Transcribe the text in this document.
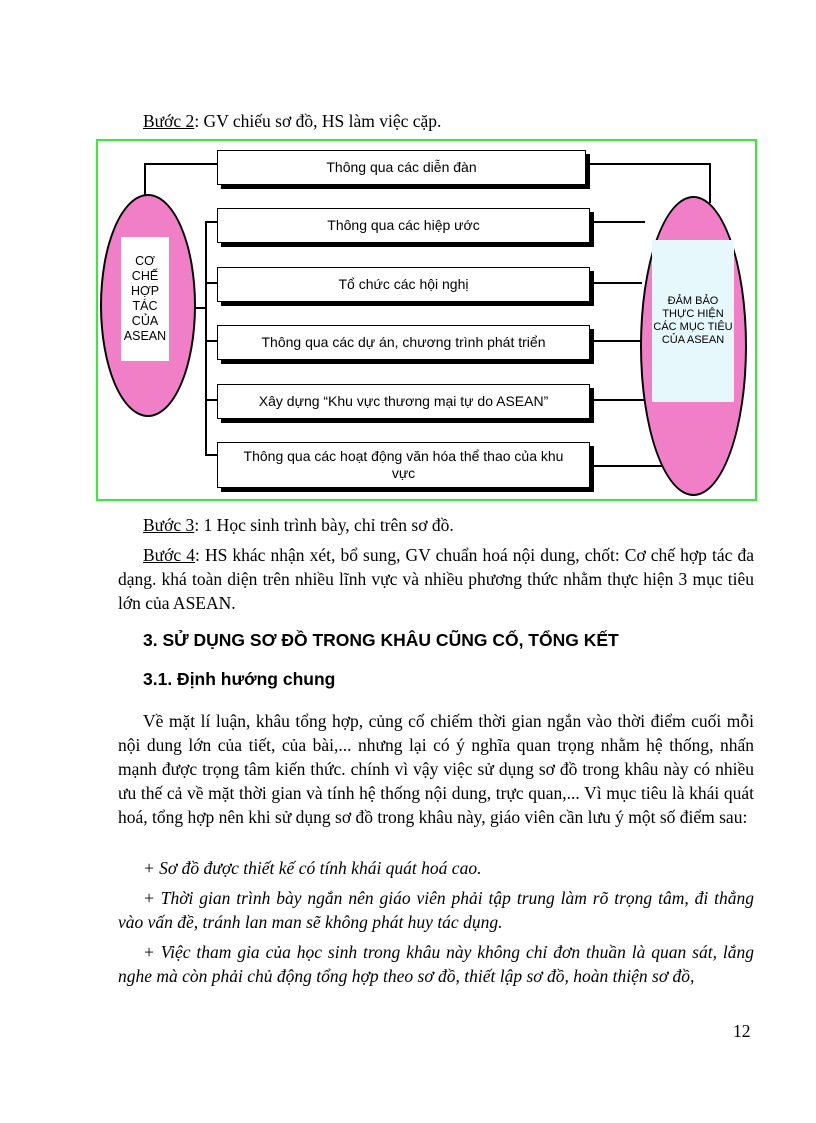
Bước 2: GV chiếu sơ đồ, HS làm việc cặp.
CƠ CHẾ HỢP TÁC CỦA ASEAN
ĐẢM BẢO THỰC HIỆN CÁC MỤC TIÊU CỦA ASEAN
Thông qua các diễn đàn
Thông qua các hiệp ước
Tổ chức các hội nghị
Thông qua các dự án, chương trình phát triển
Xây dựng “Khu vực thương mại tự do ASEAN”
Thông qua các hoạt động văn hóa thể thao của khu vực
Bước 3: 1 Học sinh trình bày, chỉ trên sơ đồ.
Bước 4: HS khác nhận xét, bổ sung, GV chuẩn hoá nội dung, chốt: Cơ chế hợp tác đa dạng. khá toàn diện trên nhiều lĩnh vực và nhiều phương thức nhằm thực hiện 3 mục tiêu lớn của ASEAN.
3. SỬ DỤNG SƠ ĐỒ TRONG KHÂU CŨNG CỐ, TỔNG KẾT
3.1. Định hướng chung
Về mặt lí luận, khâu tổng hợp, củng cố chiếm thời gian ngắn vào thời điểm cuối mỗi nội dung lớn của tiết, của bài,... nhưng lại có ý nghĩa quan trọng nhằm hệ thống, nhấn mạnh được trọng tâm kiến thức. chính vì vậy việc sử dụng sơ đồ trong khâu này có nhiều ưu thế cả về mặt thời gian và tính hệ thống nội dung, trực quan,... Vì mục tiêu là khái quát hoá, tổng hợp nên khi sử dụng sơ đồ trong khâu này, giáo viên cần lưu ý một số điểm sau:
+ Sơ đồ được thiết kế có tính khái quát hoá cao.
+ Thời gian trình bày ngắn nên giáo viên phải tập trung làm rõ trọng tâm, đi thẳng vào vấn đề, tránh lan man sẽ không phát huy tác dụng.
+ Việc tham gia của học sinh trong khâu này không chỉ đơn thuần là quan sát, lắng nghe mà còn phải chủ động tổng hợp theo sơ đồ, thiết lập sơ đồ, hoàn thiện sơ đồ,
12
